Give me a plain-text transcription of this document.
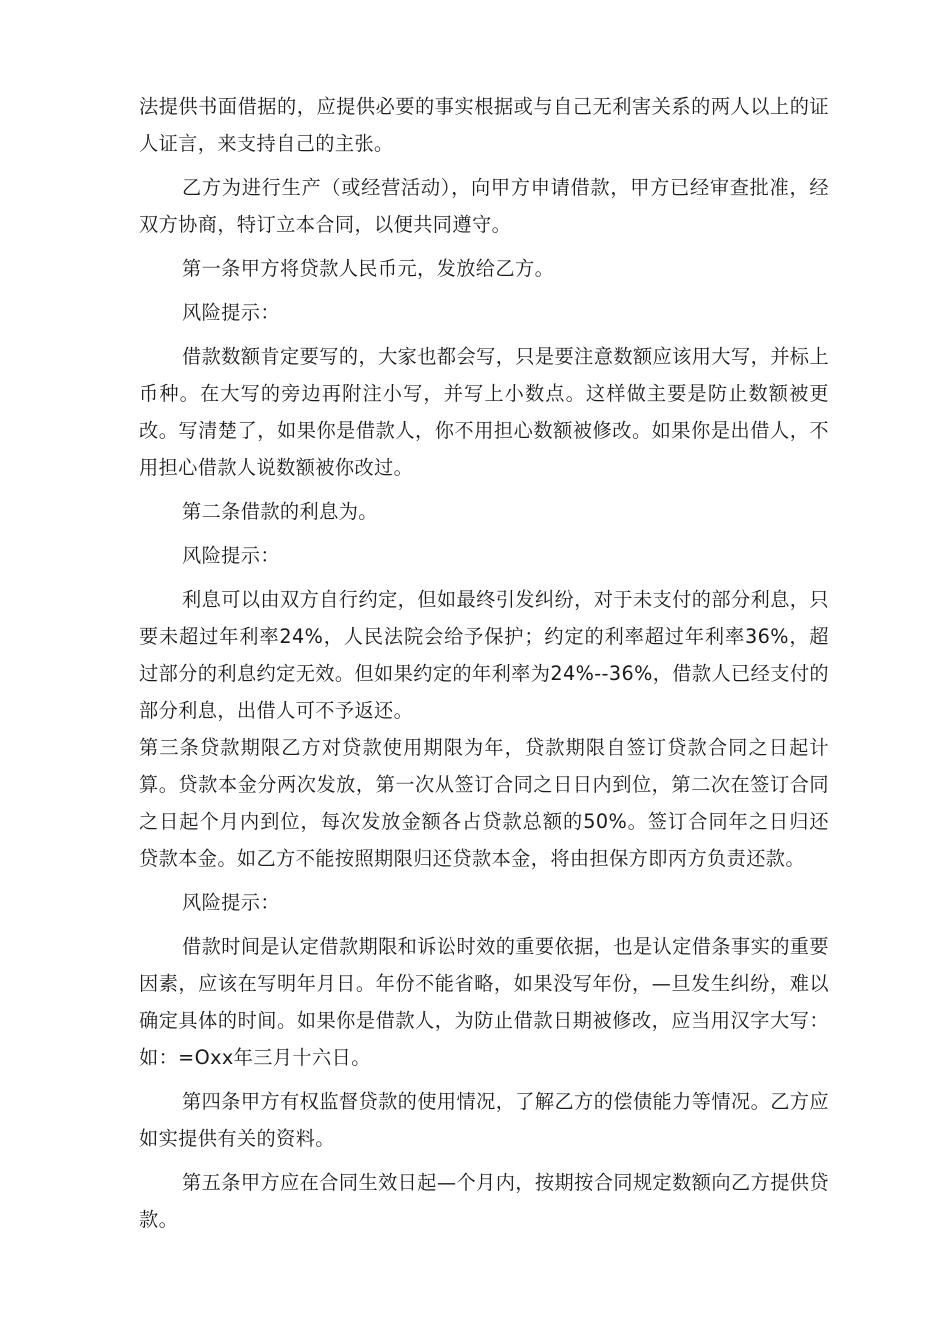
法提供书面借据的，应提供必要的事实根据或与自己无利害关系的两人以上的证人证言，来支持自己的主张。

乙方为进行生产（或经营活动），向甲方申请借款，甲方已经审查批准，经双方协商，特订立本合同，以便共同遵守。

第一条甲方将贷款人民币元，发放给乙方。

风险提示：

借款数额肯定要写的，大家也都会写，只是要注意数额应该用大写，并标上币种。在大写的旁边再附注小写，并写上小数点。这样做主要是防止数额被更改。写清楚了，如果你是借款人，你不用担心数额被修改。如果你是出借人，不用担心借款人说数额被你改过。

第二条借款的利息为。

风险提示：

利息可以由双方自行约定，但如最终引发纠纷，对于未支付的部分利息，只要未超过年利率24%，人民法院会给予保护；约定的利率超过年利率36%，超过部分的利息约定无效。但如果约定的年利率为24%--36%，借款人已经支付的部分利息，出借人可不予返还。

第三条贷款期限乙方对贷款使用期限为年，贷款期限自签订贷款合同之日起计算。贷款本金分两次发放，第一次从签订合同之日日内到位，第二次在签订合同之日起个月内到位，每次发放金额各占贷款总额的50%。签订合同年之日归还贷款本金。如乙方不能按照期限归还贷款本金，将由担保方即丙方负责还款。

风险提示：

借款时间是认定借款期限和诉讼时效的重要依据，也是认定借条事实的重要因素，应该在写明年月日。年份不能省略，如果没写年份，—旦发生纠纷，难以确定具体的时间。如果你是借款人，为防止借款日期被修改，应当用汉字大写：如：=Oxx年三月十六日。

第四条甲方有权监督贷款的使用情况，了解乙方的偿债能力等情况。乙方应如实提供有关的资料。

第五条甲方应在合同生效日起—个月内，按期按合同规定数额向乙方提供贷款。
